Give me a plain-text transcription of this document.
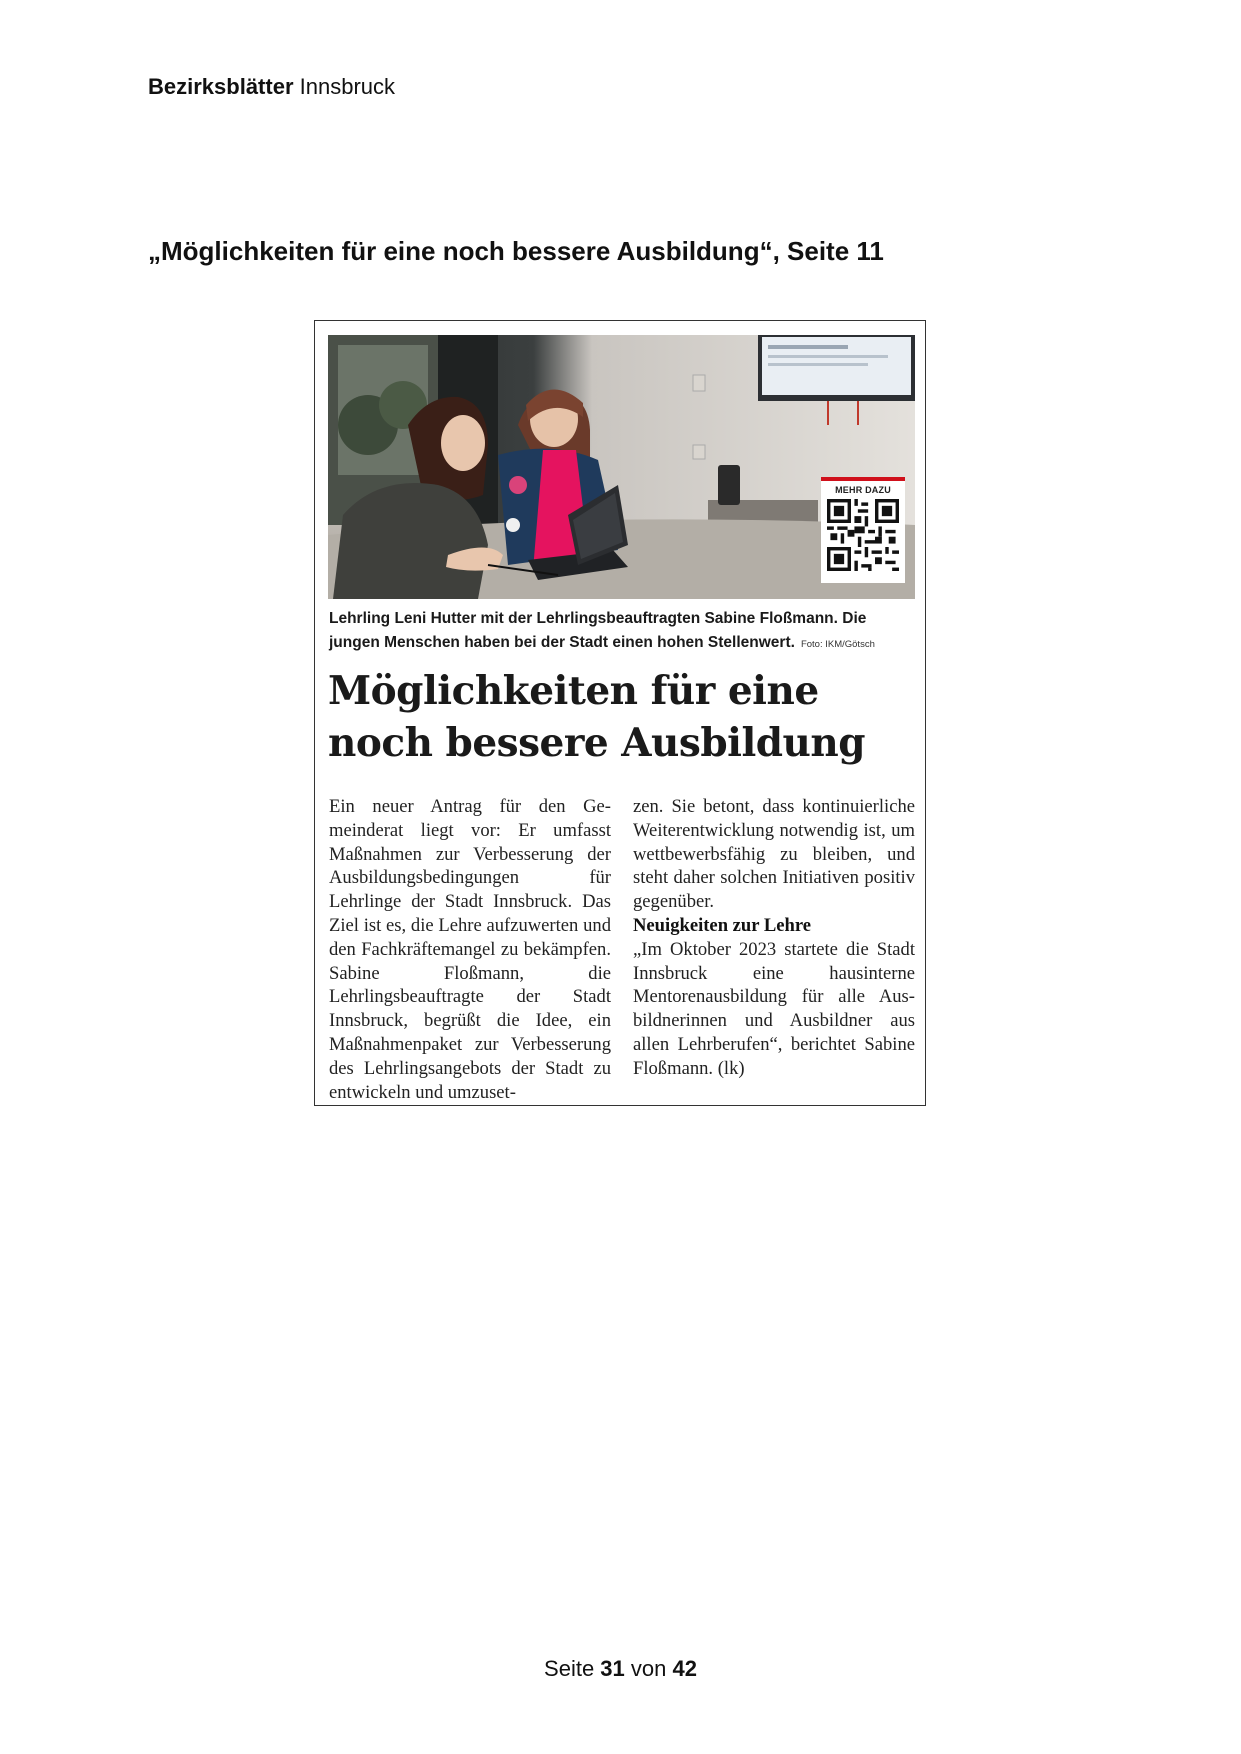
Bezirksblätter Innsbruck
„Möglichkeiten für eine noch bessere Ausbildung“, Seite 11
MEHR DAZU
Lehrling Leni Hutter mit der Lehrlingsbeauftragten Sabine Floßmann. Die jungen Menschen haben bei der Stadt einen hohen Stellenwert. Foto: IKM/Götsch
Möglichkeiten für eine noch bessere Ausbildung

Ein neuer Antrag für den Gemeinderat liegt vor: Er umfasst Maßnahmen zur Verbesserung der Ausbildungsbedingungen für Lehrlinge der Stadt Innsbruck. Das Ziel ist es, die Lehre aufzuwerten und den Fachkräftemangel zu bekämpfen. Sabine Floßmann, die Lehrlingsbeauftragte der Stadt Innsbruck, begrüßt die Idee, ein Maßnahmenpaket zur Verbesserung des Lehrlingsangebots der Stadt zu entwickeln und umzuset-

zen. Sie betont, dass kontinuierliche Weiterentwicklung notwendig ist, um wettbewerbsfähig zu bleiben, und steht daher solchen Initiativen positiv gegenüber.

Neuigkeiten zur Lehre

„Im Oktober 2023 startete die Stadt Innsbruck eine hausinterne Mentorenausbildung für alle Ausbildnerinnen und Ausbildner aus allen Lehrberufen“, berichtet Sabine Floßmann. (lk)

Seite 31 von 42
